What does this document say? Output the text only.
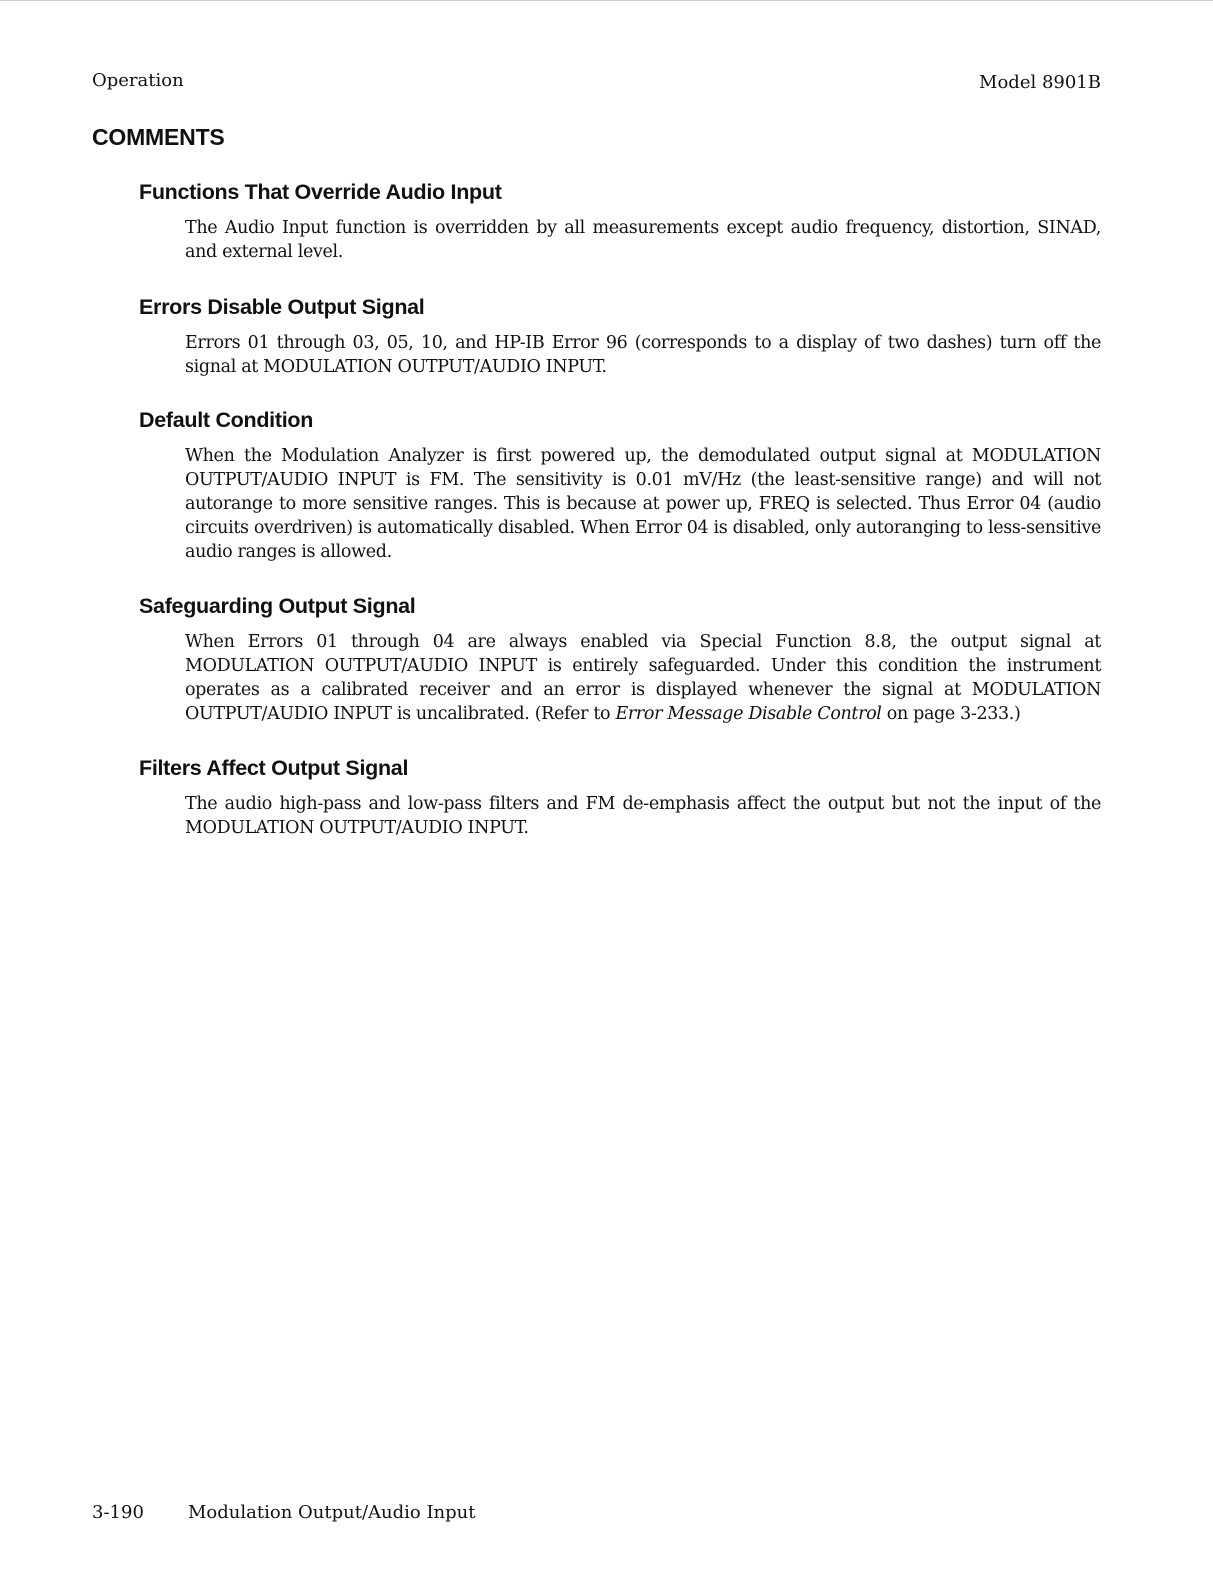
Operation	Model 8901B
COMMENTS
Functions That Override Audio Input

The Audio Input function is overridden by all measurements except audio frequency, distortion, SINAD, and external level.

Errors Disable Output Signal

Errors 01 through 03, 05, 10, and HP-IB Error 96 (corresponds to a display of two dashes) turn off the signal at MODULATION OUTPUT/AUDIO INPUT.

Default Condition

When the Modulation Analyzer is first powered up, the demodulated output signal at MODULATION OUTPUT/AUDIO INPUT is FM. The sensitivity is 0.01 mV/Hz (the least-sensitive range) and will not autorange to more sensitive ranges. This is because at power up, FREQ is selected. Thus Error 04 (audio circuits overdriven) is automatically disabled. When Error 04 is disabled, only autoranging to less-sensitive audio ranges is allowed.

Safeguarding Output Signal

When Errors 01 through 04 are always enabled via Special Function 8.8, the output signal at MODULATION OUTPUT/AUDIO INPUT is entirely safeguarded. Under this condition the instrument operates as a calibrated receiver and an error is displayed whenever the signal at MODULATION OUTPUT/AUDIO INPUT is uncalibrated. (Refer to Error Message Disable Control on page 3-233.)

Filters Affect Output Signal

The audio high-pass and low-pass filters and FM de-emphasis affect the output but not the input of the MODULATION OUTPUT/AUDIO INPUT.

3-190 Modulation Output/Audio Input
